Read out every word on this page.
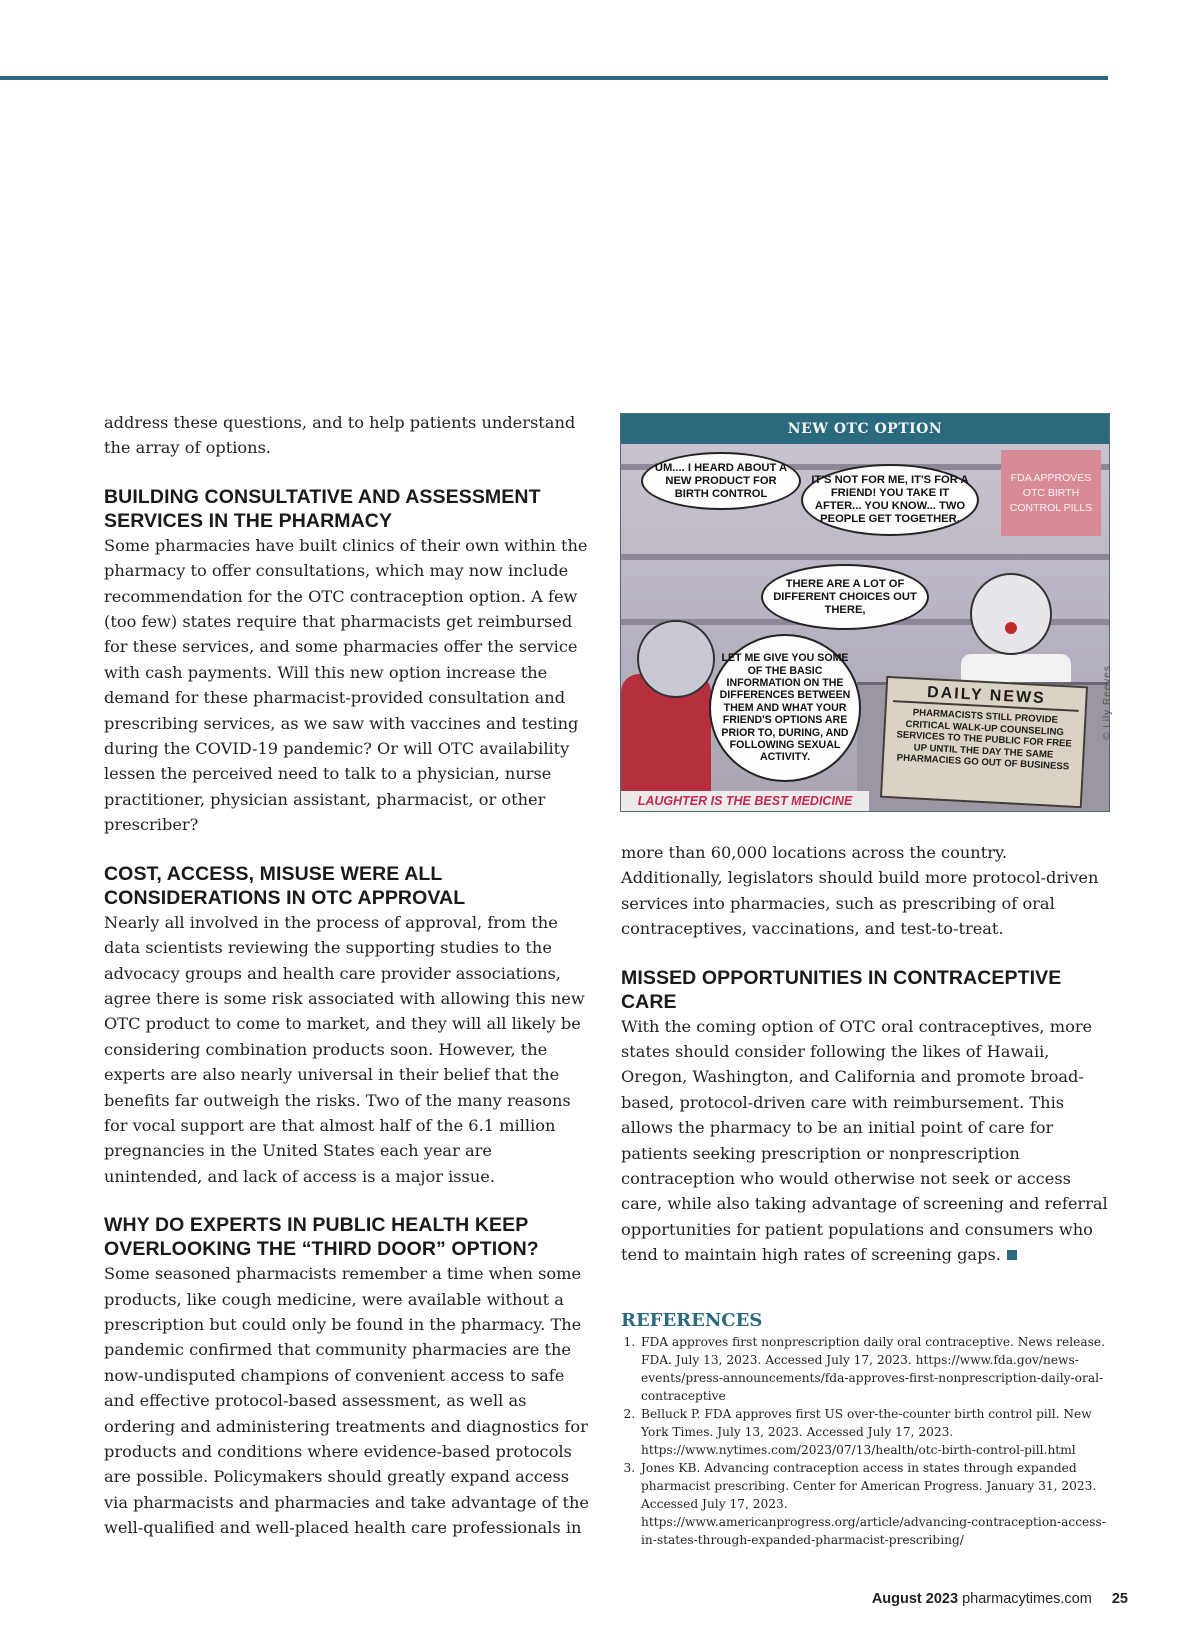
address these questions, and to help patients understand the array of options.

BUILDING CONSULTATIVE AND ASSESSMENT SERVICES IN THE PHARMACY

Some pharmacies have built clinics of their own within the pharmacy to offer consultations, which may now include recommendation for the OTC contraception option. A few (too few) states require that pharmacists get reimbursed for these services, and some pharmacies offer the service with cash payments. Will this new option increase the demand for these pharmacist-provided consultation and prescribing services, as we saw with vaccines and testing during the COVID-19 pandemic? Or will OTC availability lessen the perceived need to talk to a physician, nurse practitioner, physician assistant, pharmacist, or other prescriber?

COST, ACCESS, MISUSE WERE ALL CONSIDERATIONS IN OTC APPROVAL

Nearly all involved in the process of approval, from the data scientists reviewing the supporting studies to the advocacy groups and health care provider associations, agree there is some risk associated with allowing this new OTC product to come to market, and they will all likely be considering combination products soon. However, the experts are also nearly universal in their belief that the benefits far outweigh the risks. Two of the many reasons for vocal support are that almost half of the 6.1 million pregnancies in the United States each year are unintended, and lack of access is a major issue.

WHY DO EXPERTS IN PUBLIC HEALTH KEEP OVERLOOKING THE “THIRD DOOR” OPTION?

Some seasoned pharmacists remember a time when some products, like cough medicine, were available without a prescription but could only be found in the pharmacy. The pandemic confirmed that community pharmacies are the now-undisputed champions of convenient access to safe and effective protocol-based assessment, as well as ordering and administering treatments and diagnostics for products and conditions where evidence-based protocols are possible. Policymakers should greatly expand access via pharmacists and pharmacies and take advantage of the well-qualified and well-placed health care professionals in

NEW OTC OPTION
FDA APPROVES OTC BIRTH CONTROL PILLS
UM.... I HEARD ABOUT A NEW PRODUCT FOR BIRTH CONTROL
IT'S NOT FOR ME, IT'S FOR A FRIEND! YOU TAKE IT AFTER... YOU KNOW... TWO PEOPLE GET TOGETHER.
THERE ARE A LOT OF DIFFERENT CHOICES OUT THERE,
LET ME GIVE YOU SOME OF THE BASIC INFORMATION ON THE DIFFERENCES BETWEEN THEM AND WHAT YOUR FRIEND'S OPTIONS ARE PRIOR TO, DURING, AND FOLLOWING SEXUAL ACTIVITY.
DAILY NEWS
PHARMACISTS STILL PROVIDE CRITICAL WALK-UP COUNSELING SERVICES TO THE PUBLIC FOR FREE UP UNTIL THE DAY THE SAME PHARMACIES GO OUT OF BUSINESS
LAUGHTER IS THE BEST MEDICINE
© Lily Reeves

more than 60,000 locations across the country. Additionally, legislators should build more protocol-driven services into pharmacies, such as prescribing of oral contraceptives, vaccinations, and test-to-treat.

MISSED OPPORTUNITIES IN CONTRACEPTIVE CARE

With the coming option of OTC oral contraceptives, more states should consider following the likes of Hawaii, Oregon, Washington, and California and promote broad-based, protocol-driven care with reimbursement. This allows the pharmacy to be an initial point of care for patients seeking prescription or nonprescription contraception who would otherwise not seek or access care, while also taking advantage of screening and referral opportunities for patient populations and consumers who tend to maintain high rates of screening gaps.

REFERENCES
1. FDA approves first nonprescription daily oral contraceptive. News release. FDA. July 13, 2023. Accessed July 17, 2023. https://www.fda.gov/news-events/press-announcements/fda-approves-first-nonprescription-daily-oral-contraceptive
2. Belluck P. FDA approves first US over-the-counter birth control pill. New York Times. July 13, 2023. Accessed July 17, 2023. https://www.nytimes.com/2023/07/13/health/otc-birth-control-pill.html
3. Jones KB. Advancing contraception access in states through expanded pharmacist prescribing. Center for American Progress. January 31, 2023. Accessed July 17, 2023. https://www.americanprogress.org/article/advancing-contraception-access-in-states-through-expanded-pharmacist-prescribing/
August 2023 pharmacytimes.com 25
